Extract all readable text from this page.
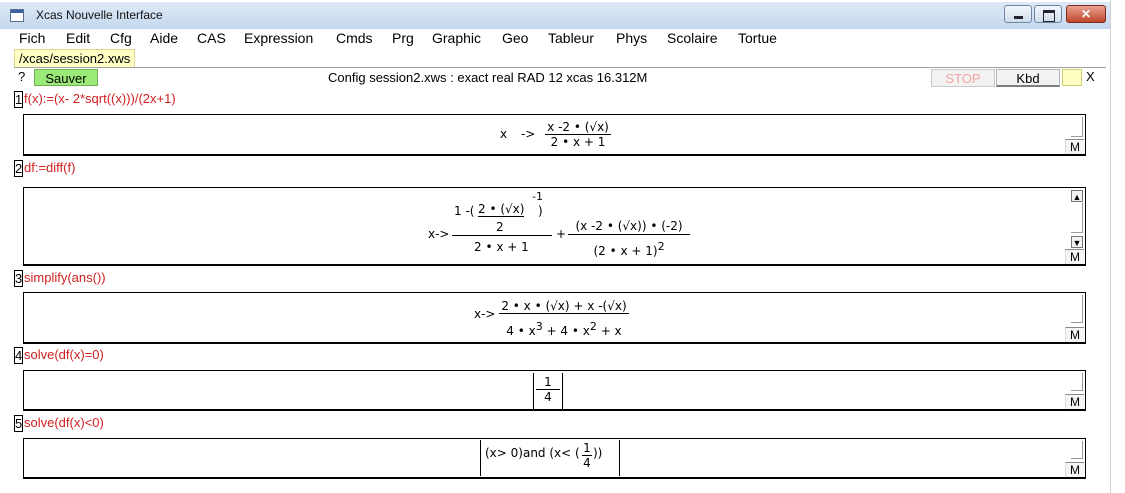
Xcas Nouvelle Interface	✕
Fich Edit Cfg Aide CAS Expression Cmds Prg Graphic Geo Tableur Phys Scolaire Tortue
/xcas/session2.xws
?	Sauver	Config session2.xws : exact real RAD 12 xcas 16.312M	STOP	Kbd	X
1 f(x):=(x- 2*sqrt((x)))/(2x+1)
$x -> \frac{x -2 • (√x)}{2 • x + 1}$	M
2 df:=diff(f)
x->
1 -( 2 • (√x)
-1
)
2
2 • x + 1
+ $\frac{(x -2 • (√x)) • (-2)}{(2 • x + 1)^2}$
▲
▼
M
3 simplify(ans())
$x-> \frac{2 • x • (√x) + x -(√x)}{4 • x^3 + 4 • x^2 + x}$	M
4 solve(df(x)=0)
$\frac{1}{4}$	M
5 solve(df(x)<0)
(x> 0)and (x< ( $\frac{1}{4}$ ))
M
